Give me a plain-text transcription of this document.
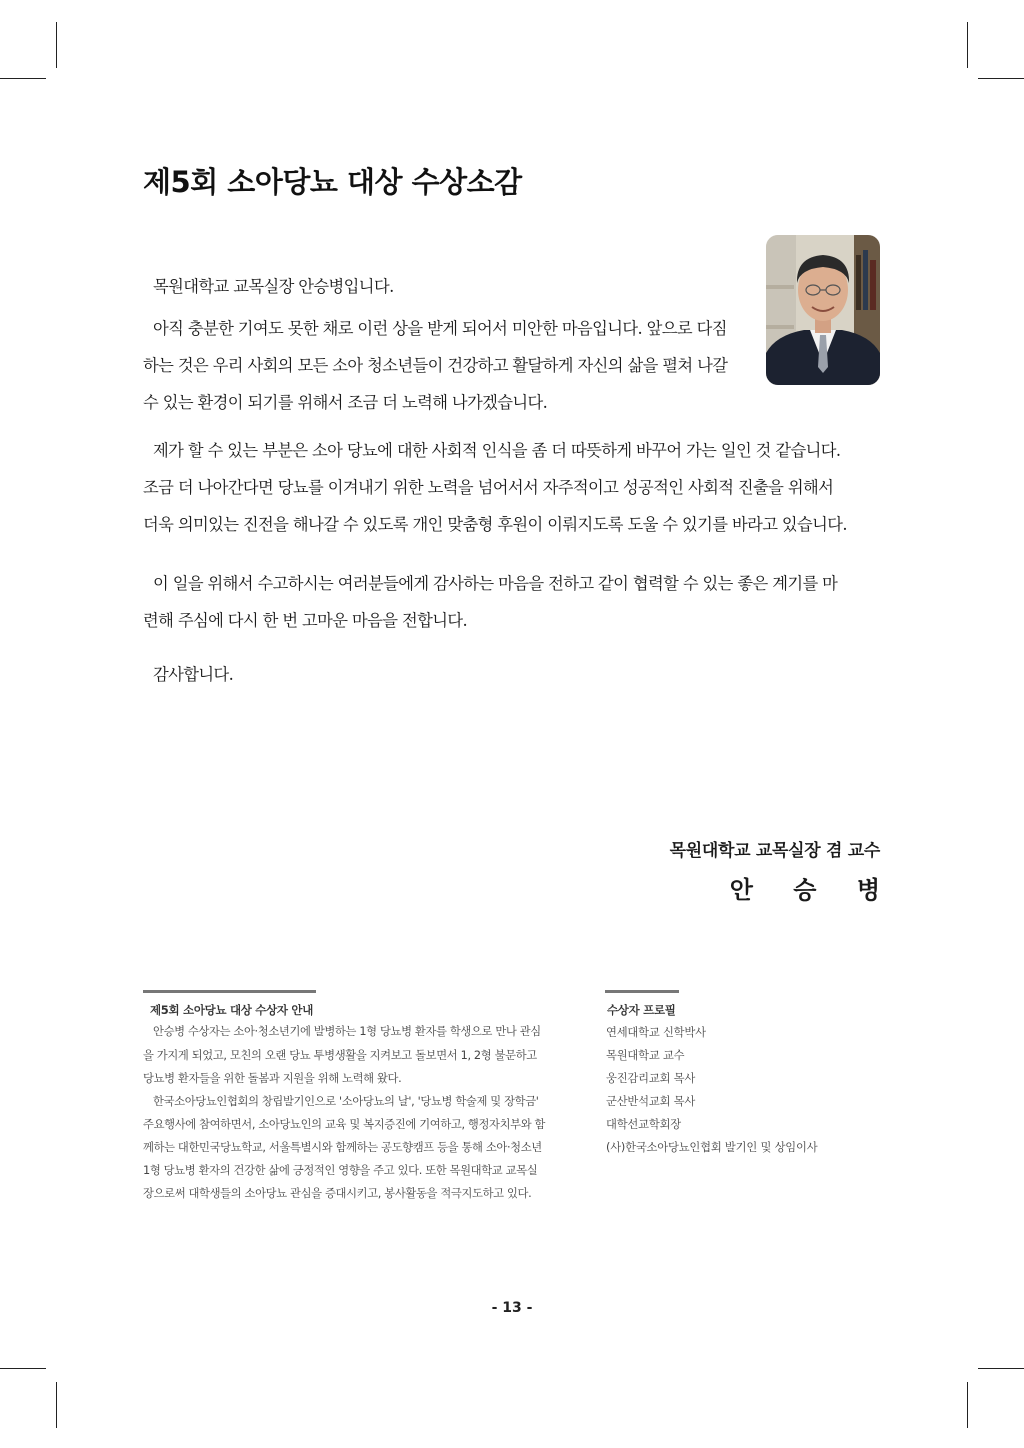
제5회 소아당뇨 대상 수상소감

목원대학교 교목실장 안승병입니다.

아직 충분한 기여도 못한 채로 이런 상을 받게 되어서 미안한 마음입니다. 앞으로 다짐

하는 것은 우리 사회의 모든 소아 청소년들이 건강하고 활달하게 자신의 삶을 펼쳐 나갈

수 있는 환경이 되기를 위해서 조금 더 노력해 나가겠습니다.

제가 할 수 있는 부분은 소아 당뇨에 대한 사회적 인식을 좀 더 따뜻하게 바꾸어 가는 일인 것 같습니다.

조금 더 나아간다면 당뇨를 이겨내기 위한 노력을 넘어서서 자주적이고 성공적인 사회적 진출을 위해서

더욱 의미있는 진전을 해나갈 수 있도록 개인 맞춤형 후원이 이뤄지도록 도울 수 있기를 바라고 있습니다.

이 일을 위해서 수고하시는 여러분들에게 감사하는 마음을 전하고 같이 협력할 수 있는 좋은 계기를 마

련해 주심에 다시 한 번 고마운 마음을 전합니다.

감사합니다.

목원대학교 교목실장 겸 교수
안 승 병
제5회 소아당뇨 대상 수상자 안내

안승병 수상자는 소아·청소년기에 발병하는 1형 당뇨병 환자를 학생으로 만나 관심

을 가지게 되었고, 모친의 오랜 당뇨 투병생활을 지켜보고 돌보면서 1, 2형 불문하고

당뇨병 환자들을 위한 돌봄과 지원을 위해 노력해 왔다.

한국소아당뇨인협회의 창립발기인으로 '소아당뇨의 날', '당뇨병 학술제 및 장학금'

주요행사에 참여하면서, 소아당뇨인의 교육 및 복지증진에 기여하고, 행정자치부와 함

께하는 대한민국당뇨학교, 서울특별시와 함께하는 공도향캠프 등을 통해 소아·청소년

1형 당뇨병 환자의 건강한 삶에 긍정적인 영향을 주고 있다. 또한 목원대학교 교목실

장으로써 대학생들의 소아당뇨 관심을 증대시키고, 봉사활동을 적극지도하고 있다.

수상자 프로필
연세대학교 신학박사
목원대학교 교수
웅진감리교회 목사
군산반석교회 목사
대학선교학회장
(사)한국소아당뇨인협회 발기인 및 상임이사
- 13 -
